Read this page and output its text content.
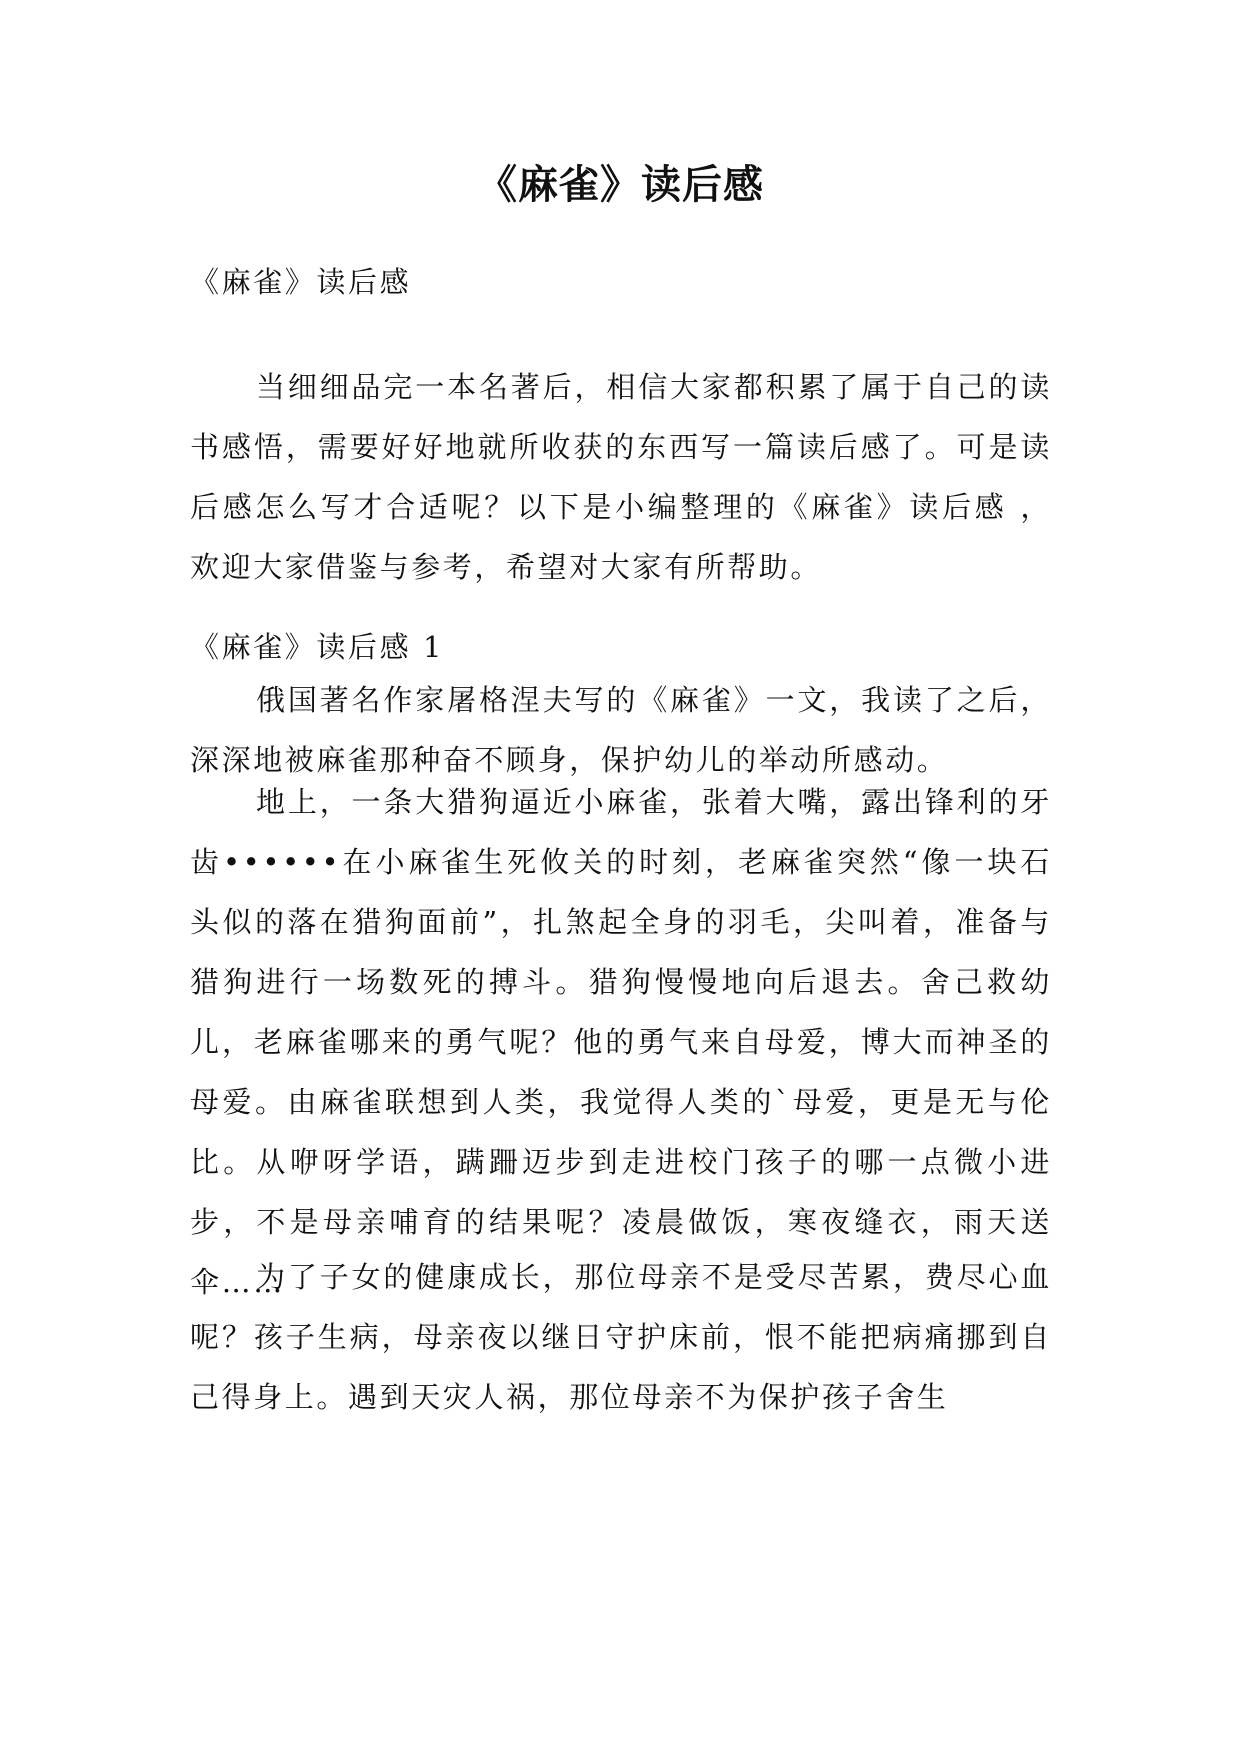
《麻雀》读后感

《麻雀》读后感

当细细品完一本名著后，相信大家都积累了属于自己的读书感悟，需要好好地就所收获的东西写一篇读后感了。可是读后感怎么写才合适呢？以下是小编整理的《麻雀》读后感 ，欢迎大家借鉴与参考，希望对大家有所帮助。

《麻雀》读后感 1

俄国著名作家屠格涅夫写的《麻雀》一文，我读了之后，深深地被麻雀那种奋不顾身，保护幼儿的举动所感动。

地上，一条大猎狗逼近小麻雀，张着大嘴，露出锋利的牙齿••••••在小麻雀生死攸关的时刻，老麻雀突然“像一块石头似的落在猎狗面前”，扎煞起全身的羽毛，尖叫着，准备与猎狗进行一场数死的搏斗。猎狗慢慢地向后退去。舍己救幼儿，老麻雀哪来的勇气呢？他的勇气来自母爱，博大而神圣的母爱。由麻雀联想到人类，我觉得人类的`母爱，更是无与伦比。从咿呀学语，蹒跚迈步到走进校门孩子的哪一点微小进步，不是母亲哺育的结果呢？凌晨做饭，寒夜缝衣，雨天送伞……

为了子女的健康成长，那位母亲不是受尽苦累，费尽心血呢？孩子生病，母亲夜以继日守护床前，恨不能把病痛挪到自己得身上。遇到天灾人祸，那位母亲不为保护孩子舍生
